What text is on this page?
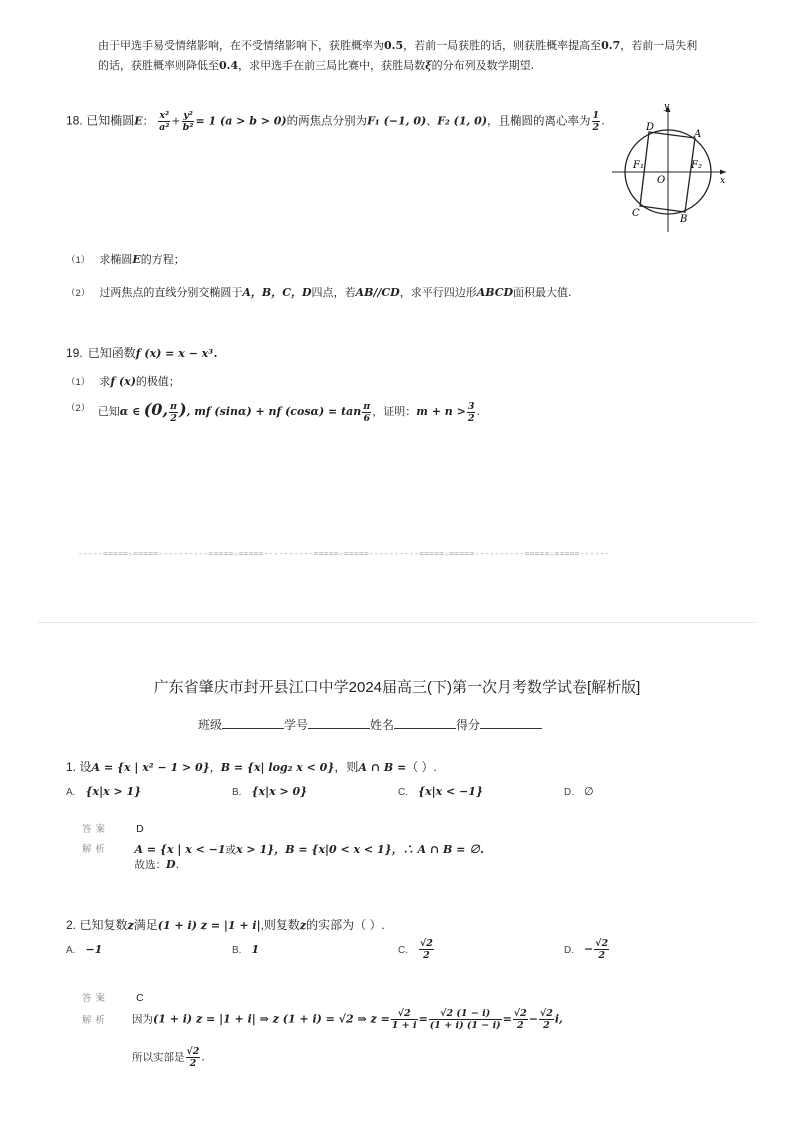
由于甲选手易受情绪影响，在不受情绪影响下，获胜概率为0.5，若前一局获胜的话，则获胜概率提高至0.7，若前一局失利
的话，获胜概率则降低至0.4，求甲选手在前三局比赛中，获胜局数ξ的分布列及数学期望.
18. 已知椭圆E： $\frac{\text{x²}}{\text{a²}} + \frac{\text{y²}}{\text{b²}} = 1$ (a > b > 0)的两焦点分别为F₁ (−1, 0)、F₂ (1, 0)，且椭圆的离心率为 $\frac{1}{2}$ .
y
x
O
D
A
C
B
F₁	F₂
（1） 求椭圆E的方程；
（2） 过两焦点的直线分别交椭圆于A，B，C，D四点，若AB//CD，求平行四边形ABCD面积最大值.
19. 已知函数f (x) = x − x³.
（1） 求f (x)的极值；
（2） 已知α ∈ (0, $\frac{\pi}{2}$ ), mf (sinα) + nf $(\cos\alpha) = \tan \frac{\pi}{6}$ ，证明：$m + n > \frac{3}{2}$ .
-----=====☆=====----------=====☆=====----------=====☆=====----------=====☆=====----------=====☆=====------
广东省肇庆市封开县江口中学2024届高三(下)第一次月考数学试卷[解析版]
班级	学号	姓名	得分
1. 设A = {x | x² − 1 > 0}，B = {x| log₂ x < 0}，则A ∩ B =（ ）.
A. {x|x > 1}	B. {x|x > 0}	C. {x|x < −1}	D. ∅
答案	D
解析 A = {x | x < −1或x > 1}，B = {x|0 < x < 1}，∴ A ∩ B = ∅.
故选：D.
2. 已知复数z满足(1 + i) z = |1 + i|,则复数z的实部为（ ）.
A. −1	B. 1	C. $\frac{√2}{2}$	D. − $\frac{√2}{2}$
答案	C
解析 因为(1 + i) z = |1 + i| ⇒ z (1 + i) = √2 ⇒ $z = \frac{√2}{1 + i} = \frac{√2 (1 - i)}{(1 + i) (1 - i)} = \frac{√2}{2} - \frac{√2}{2} i$,
所以实部是 $\frac{√2}{2}$ .
